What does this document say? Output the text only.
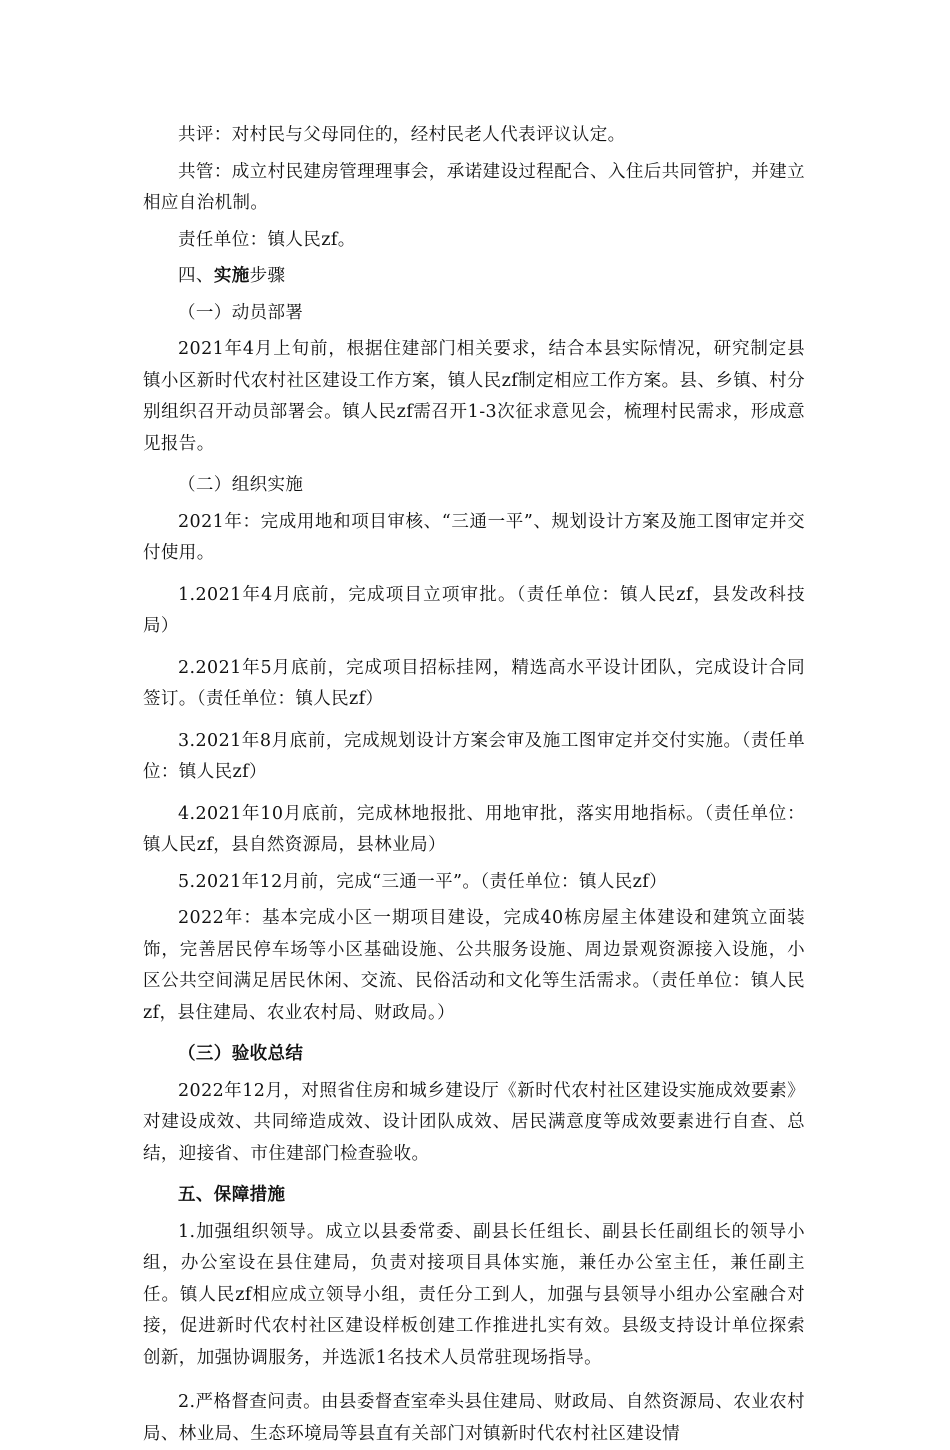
共评：对村民与父母同住的，经村民老人代表评议认定。

共管：成立村民建房管理理事会，承诺建设过程配合、入住后共同管护，并建立相应自治机制。

责任单位：镇人民zf。

四、实施步骤

（一）动员部署

2021年4月上旬前，根据住建部门相关要求，结合本县实际情况，研究制定县镇小区新时代农村社区建设工作方案，镇人民zf制定相应工作方案。县、乡镇、村分别组织召开动员部署会。镇人民zf需召开1-3次征求意见会，梳理村民需求，形成意见报告。

（二）组织实施

2021年：完成用地和项目审核、“三通一平”、规划设计方案及施工图审定并交付使用。

1.2021年4月底前，完成项目立项审批。（责任单位：镇人民zf，县发改科技局）

2.2021年5月底前，完成项目招标挂网，精选高水平设计团队，完成设计合同签订。（责任单位：镇人民zf）

3.2021年8月底前，完成规划设计方案会审及施工图审定并交付实施。（责任单位：镇人民zf）

4.2021年10月底前，完成林地报批、用地审批，落实用地指标。（责任单位：镇人民zf，县自然资源局，县林业局）

5.2021年12月前，完成“三通一平”。（责任单位：镇人民zf）

2022年：基本完成小区一期项目建设，完成40栋房屋主体建设和建筑立面装饰，完善居民停车场等小区基础设施、公共服务设施、周边景观资源接入设施，小区公共空间满足居民休闲、交流、民俗活动和文化等生活需求。（责任单位：镇人民zf，县住建局、农业农村局、财政局。）

（三）验收总结

2022年12月，对照省住房和城乡建设厅《新时代农村社区建设实施成效要素》对建设成效、共同缔造成效、设计团队成效、居民满意度等成效要素进行自查、总结，迎接省、市住建部门检查验收。

五、保障措施

1.加强组织领导。成立以县委常委、副县长任组长、副县长任副组长的领导小组，办公室设在县住建局，负责对接项目具体实施，兼任办公室主任，兼任副主任。镇人民zf相应成立领导小组，责任分工到人，加强与县领导小组办公室融合对接，促进新时代农村社区建设样板创建工作推进扎实有效。县级支持设计单位探索创新，加强协调服务，并选派1名技术人员常驻现场指导。

2.严格督查问责。由县委督查室牵头县住建局、财政局、自然资源局、农业农村局、林业局、生态环境局等县直有关部门对镇新时代农村社区建设情
